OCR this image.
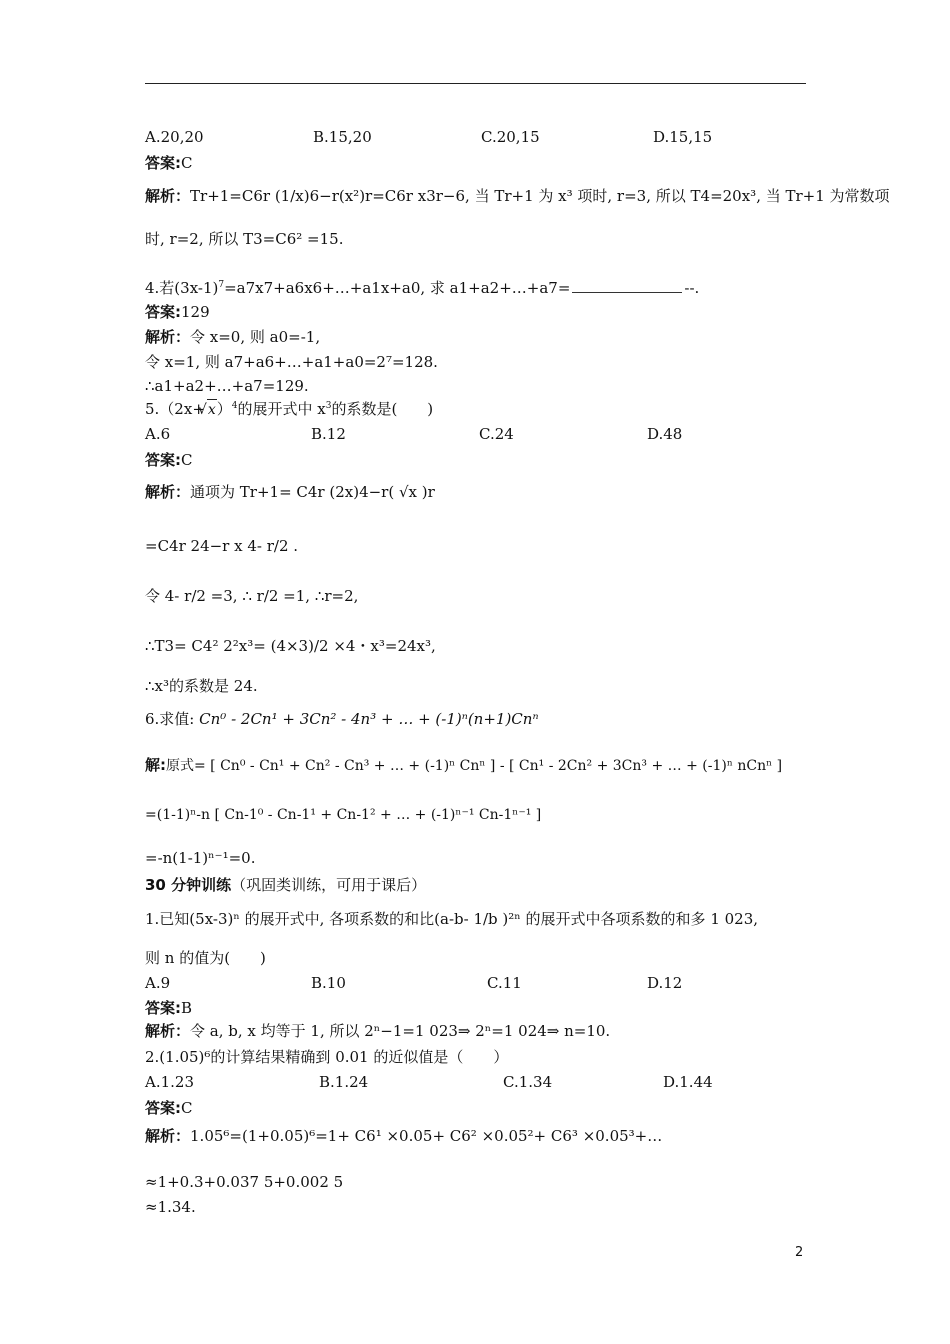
A.20,20	B.15,20	C.20,15	D.15,15
答案:C
解析：Tr+1=C6r (1/x)6−r(x²)r=C6r x3r−6, 当 Tr+1 为 x³ 项时, r=3, 所以 T4=20x³, 当 Tr+1 为常数项
时, r=2, 所以 T3=C6² =15.
4.若$(3x-1)^7=a7x7+a6x6+\dots+a1x+a0$, 求 a1+a2+…+a7=	--.
答案:129
解析：令 x=0, 则 a0=-1,
令 x=1, 则 a7+a6+…+a1+a0=2⁷=128.
∴a1+a2+…+a7=129.
5.（2x+√ x）$^4$的展开式中 $x^3$的系数是(　　)
A.6	B.12	C.24	D.48
答案:C
解析：通项为 Tr+1= C4r (2x)4−r( √x )r
=C4r 24−r x 4- r/2 .
令 4- r/2 =3, ∴ r/2 =1, ∴r=2,
∴T3= C4² 2²x³= (4×3)/2 ×4・x³=24x³,
∴x³的系数是 24.
6.求值: Cn⁰ - 2Cn¹ + 3Cn² - 4n³ + … + (-1)ⁿ(n+1)Cnⁿ
解:原式= [ Cn⁰ - Cn¹ + Cn² - Cn³ + … + (-1)ⁿ Cnⁿ ] - [ Cn¹ - 2Cn² + 3Cn³ + … + (-1)ⁿ nCnⁿ ]
=(1-1)ⁿ-n [ Cn-1⁰ - Cn-1¹ + Cn-1² + … + (-1)ⁿ⁻¹ Cn-1ⁿ⁻¹ ]
=-n(1-1)ⁿ⁻¹=0.
30 分钟训练（巩固类训练，可用于课后）
1.已知(5x-3)ⁿ 的展开式中, 各项系数的和比(a-b- 1/b )²ⁿ 的展开式中各项系数的和多 1 023,
则 n 的值为(　　)
A.9	B.10	C.11	D.12
答案:B
解析：令 a, b, x 均等于 1, 所以 2ⁿ−1=1 023⇒ 2ⁿ=1 024⇒ n=10.
2.(1.05)⁶的计算结果精确到 0.01 的近似值是（　　）
A.1.23	B.1.24	C.1.34	D.1.44
答案:C
解析：1.05⁶=(1+0.05)⁶=1+ C6¹ ×0.05+ C6² ×0.05²+ C6³ ×0.05³+…
≈1+0.3+0.037 5+0.002 5
≈1.34.
2
